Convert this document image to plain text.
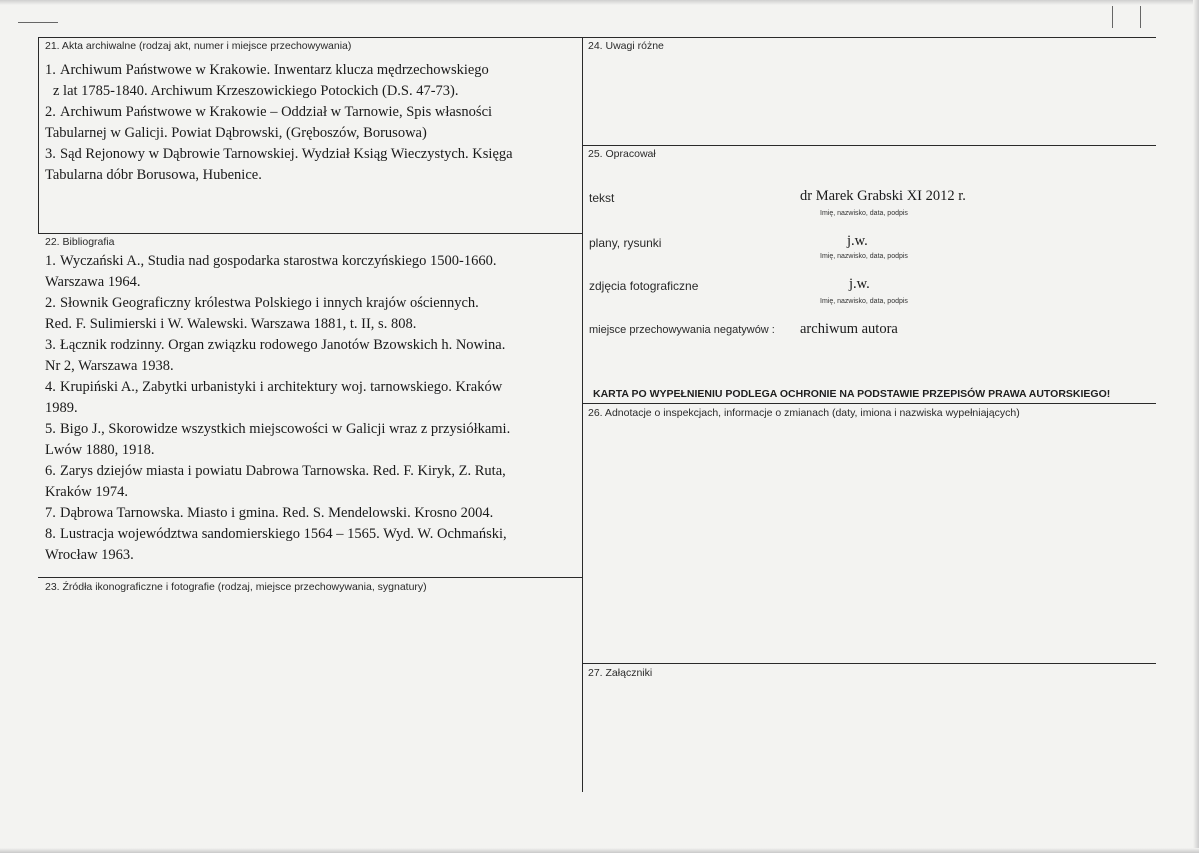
21. Akta archiwalne (rodzaj akt, numer i miejsce przechowywania)
1. Archiwum Państwowe w Krakowie. Inwentarz klucza mędrzechowskiego
z lat 1785-1840. Archiwum Krzeszowickiego Potockich (D.S. 47-73).
2. Archiwum Państwowe w Krakowie – Oddział w Tarnowie, Spis własności
Tabularnej w Galicji. Powiat Dąbrowski, (Gręboszów, Borusowa)
3. Sąd Rejonowy w Dąbrowie Tarnowskiej. Wydział Ksiąg Wieczystych. Księga
Tabularna dóbr Borusowa, Hubenice.
22. Bibliografia
1. Wyczański A., Studia nad gospodarka starostwa korczyńskiego 1500-1660.
Warszawa 1964.
2. Słownik Geograficzny królestwa Polskiego i innych krajów ościennych.
Red. F. Sulimierski i W. Walewski. Warszawa 1881, t. II, s. 808.
3. Łącznik rodzinny. Organ związku rodowego Janotów Bzowskich h. Nowina.
Nr 2, Warszawa 1938.
4. Krupiński A., Zabytki urbanistyki i architektury woj. tarnowskiego. Kraków
1989.
5. Bigo J., Skorowidze wszystkich miejscowości w Galicji wraz z przysiółkami.
Lwów 1880, 1918.
6. Zarys dziejów miasta i powiatu Dabrowa Tarnowska. Red. F. Kiryk, Z. Ruta,
Kraków 1974.
7. Dąbrowa Tarnowska. Miasto i gmina. Red. S. Mendelowski. Krosno 2004.
8. Lustracja województwa sandomierskiego 1564 – 1565. Wyd. W. Ochmański,
Wrocław 1963.
23. Źródła ikonograficzne i fotografie (rodzaj, miejsce przechowywania, sygnatury)
24. Uwagi różne
25. Opracował
tekst	dr Marek Grabski XI 2012 r.
Imię, nazwisko, data, podpis
plany, rysunki	j.w.
Imię, nazwisko, data, podpis
zdjęcia fotograficzne	j.w.
Imię, nazwisko, data, podpis
miejsce przechowywania negatywów : archiwum autora
KARTA PO WYPEŁNIENIU PODLEGA OCHRONIE NA PODSTAWIE PRZEPISÓW PRAWA AUTORSKIEGO!
26. Adnotacje o inspekcjach, informacje o zmianach (daty, imiona i nazwiska wypełniających)
27. Załączniki
